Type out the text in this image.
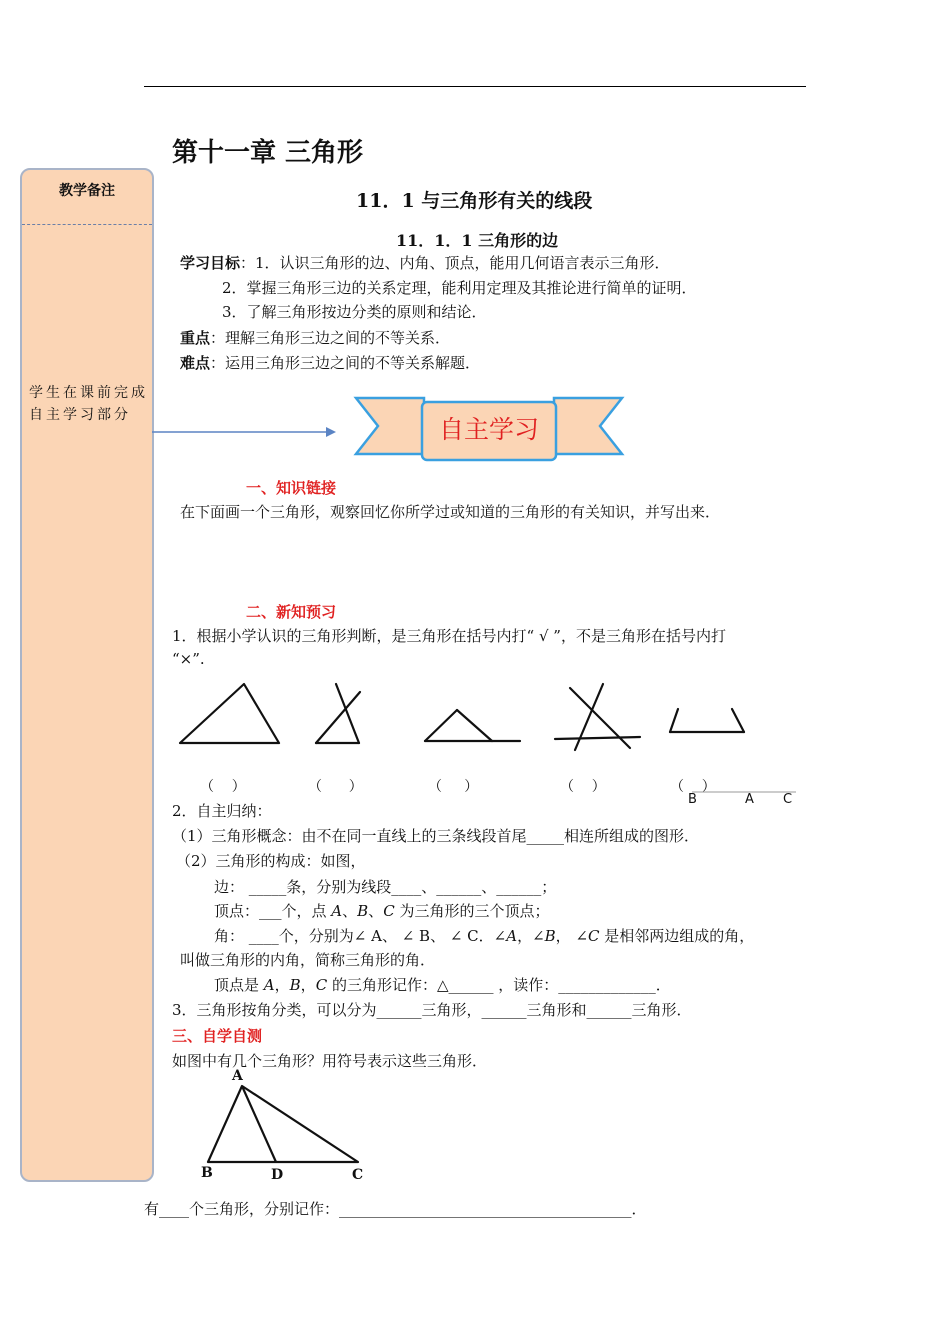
教学备注
学生在课前完成
自主学习部分
第十一章 三角形
11．1 与三角形有关的线段
11．1．1 三角形的边
学习目标：1．认识三角形的边、内角、顶点，能用几何语言表示三角形．
2．掌握三角形三边的关系定理，能利用定理及其推论进行简单的证明．
3．了解三角形按边分类的原则和结论．
重点：理解三角形三边之间的不等关系．
难点：运用三角形三边之间的不等关系解题．
自主学习
一、知识链接
在下面画一个三角形，观察回忆你所学过或知道的三角形的有关知识，并写出来．
二、新知预习
1．根据小学认识的三角形判断，是三角形在括号内打“ √ ”，不是三角形在括号内打
“×”.
（    ）	（      ）	（     ）	（    ）	（    ）
B	A C
2．自主归纳：
（1）三角形概念：由不在同一直线上的三条线段首尾_____相连所组成的图形．
（2）三角形的构成：如图，
边： _____条，分别为线段____、______、______；
顶点：___个，点 A、B、C 为三角形的三个顶点；
角： ____个，分别为∠ A、 ∠ B、 ∠ C．∠A，∠B， ∠C 是相邻两边组成的角，
叫做三角形的内角，简称三角形的角．
顶点是 A，B，C 的三角形记作：△______ ，读作：_____________．
3．三角形按角分类，可以分为______三角形，______三角形和______三角形．
三、自学自测
如图中有几个三角形？用符号表示这些三角形．
A
B	D	C
有____个三角形，分别记作：_______________________________________．
